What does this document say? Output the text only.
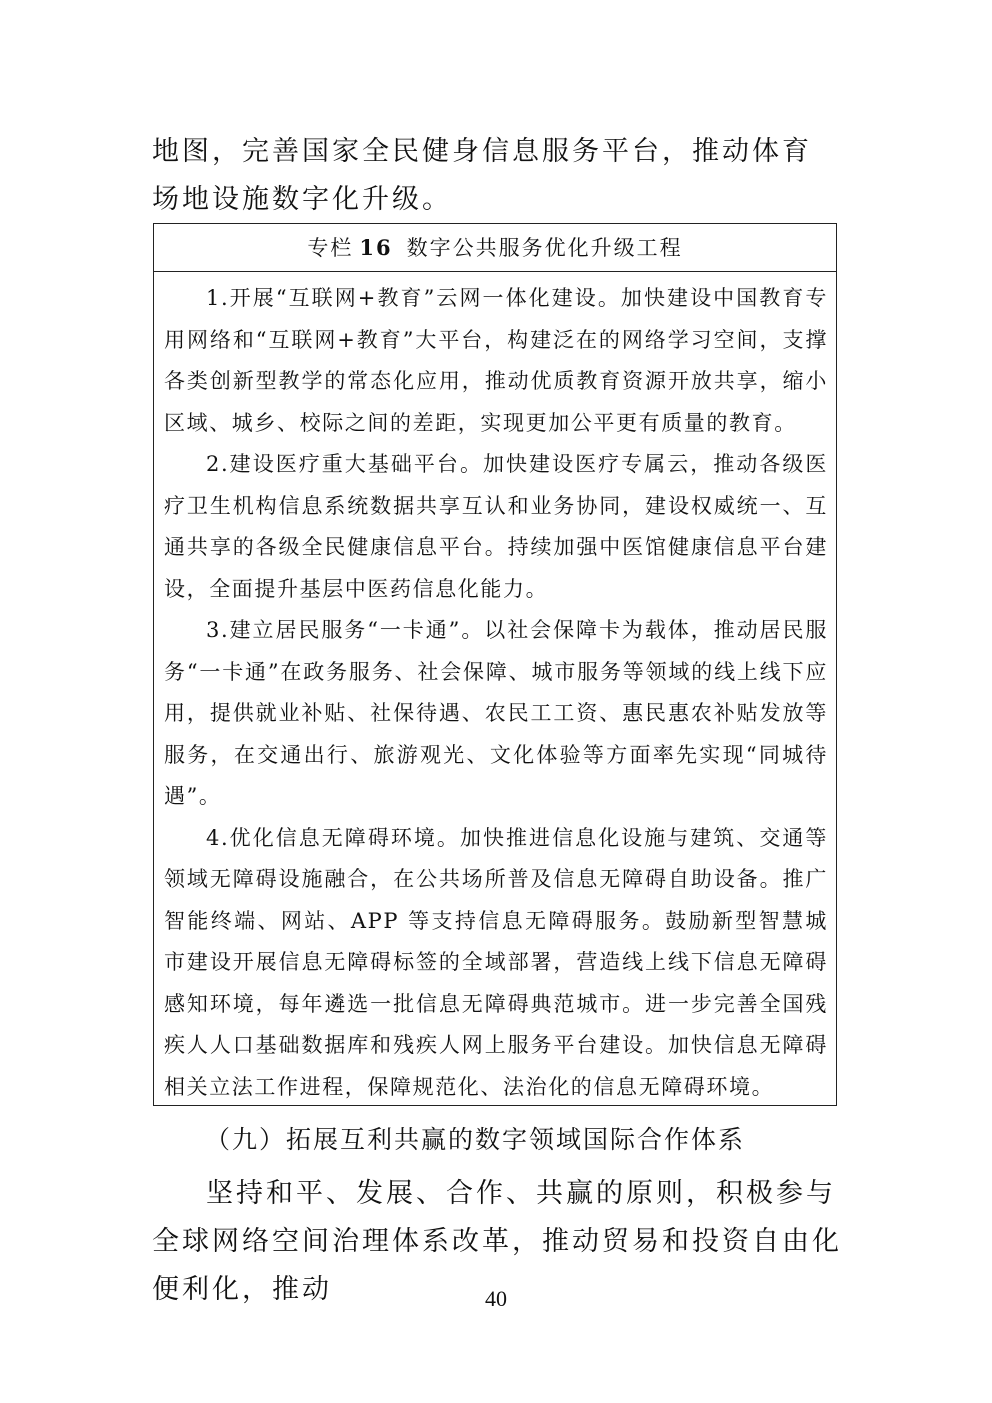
地图，完善国家全民健身信息服务平台，推动体育场地设施数字化升级。

专栏 16 数字公共服务优化升级工程

1.开展“互联网+教育”云网一体化建设。加快建设中国教育专用网络和“互联网+教育”大平台，构建泛在的网络学习空间，支撑各类创新型教学的常态化应用，推动优质教育资源开放共享，缩小区域、城乡、校际之间的差距，实现更加公平更有质量的教育。

2.建设医疗重大基础平台。加快建设医疗专属云，推动各级医疗卫生机构信息系统数据共享互认和业务协同，建设权威统一、互通共享的各级全民健康信息平台。持续加强中医馆健康信息平台建设，全面提升基层中医药信息化能力。

3.建立居民服务“一卡通”。以社会保障卡为载体，推动居民服务“一卡通”在政务服务、社会保障、城市服务等领域的线上线下应用，提供就业补贴、社保待遇、农民工工资、惠民惠农补贴发放等服务，在交通出行、旅游观光、文化体验等方面率先实现“同城待遇”。

4.优化信息无障碍环境。加快推进信息化设施与建筑、交通等领域无障碍设施融合，在公共场所普及信息无障碍自助设备。推广智能终端、网站、APP 等支持信息无障碍服务。鼓励新型智慧城市建设开展信息无障碍标签的全域部署，营造线上线下信息无障碍感知环境，每年遴选一批信息无障碍典范城市。进一步完善全国残疾人人口基础数据库和残疾人网上服务平台建设。加快信息无障碍相关立法工作进程，保障规范化、法治化的信息无障碍环境。

（九）拓展互利共赢的数字领域国际合作体系

坚持和平、发展、合作、共赢的原则，积极参与全球网络空间治理体系改革，推动贸易和投资自由化便利化，推动	40
